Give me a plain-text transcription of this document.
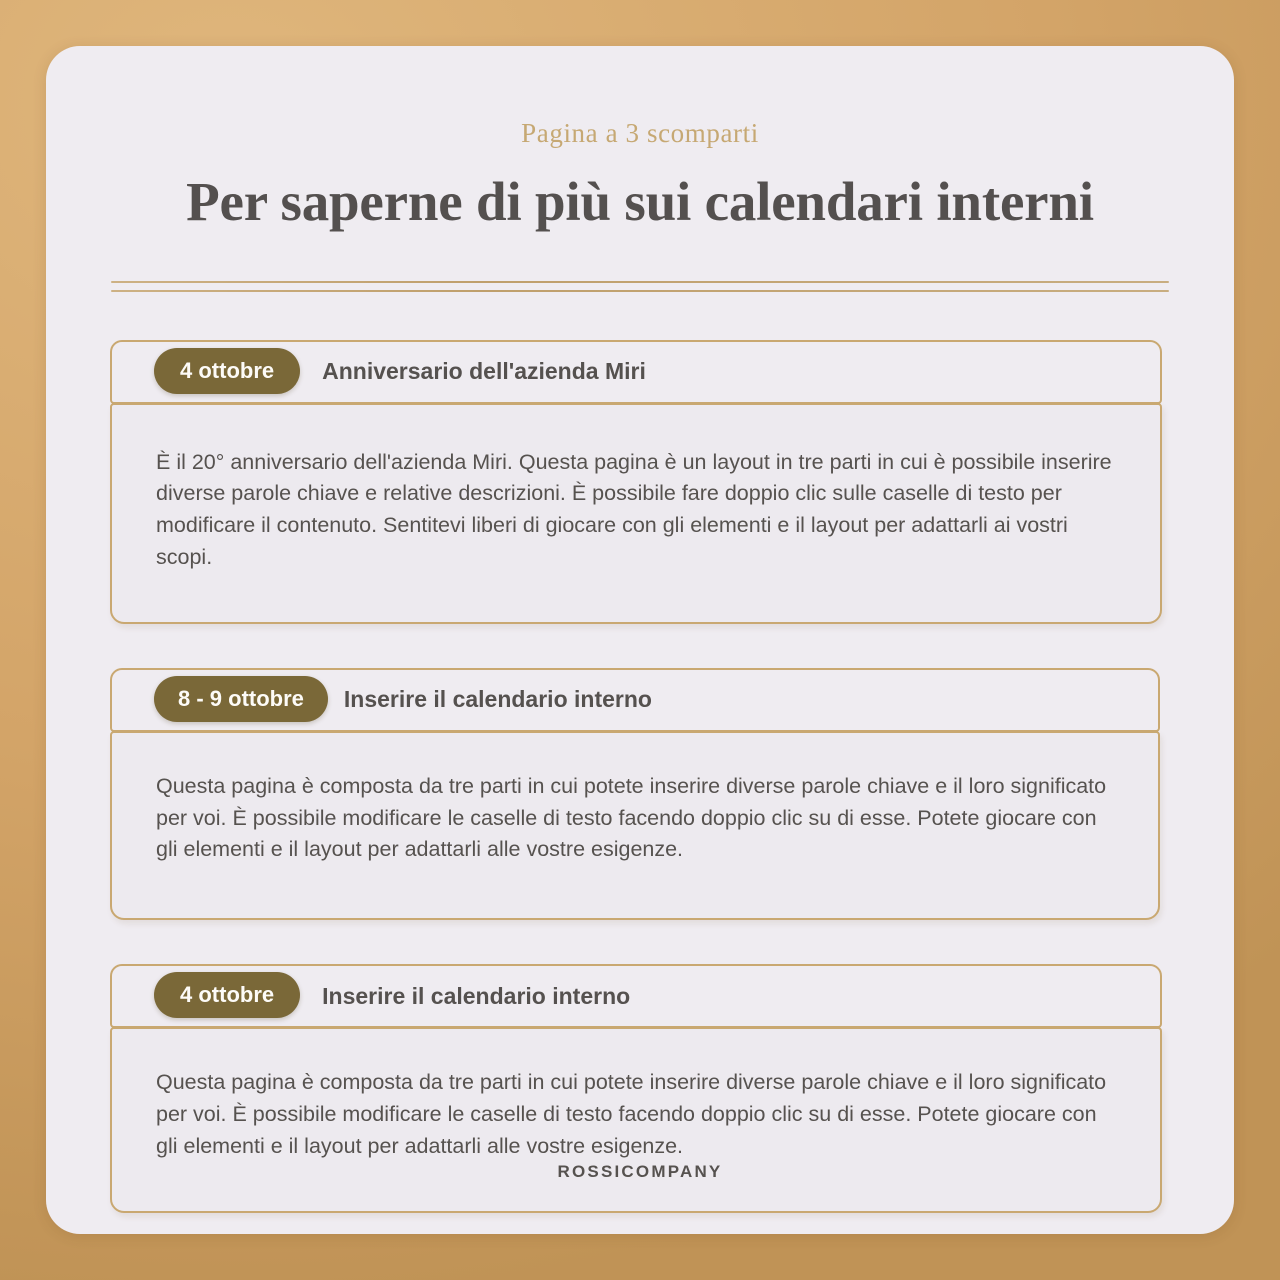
Pagina a 3 scomparti
Per saperne di più sui calendari interni
4 ottobre	Anniversario dell'azienda Miri

È il 20° anniversario dell'azienda Miri. Questa pagina è un layout in tre parti in cui è possibile inserire diverse parole chiave e relative descrizioni. È possibile fare doppio clic sulle caselle di testo per modificare il contenuto. Sentitevi liberi di giocare con gli elementi e il layout per adattarli ai vostri scopi.

8 - 9 ottobre	Inserire il calendario interno

Questa pagina è composta da tre parti in cui potete inserire diverse parole chiave e il loro significato per voi. È possibile modificare le caselle di testo facendo doppio clic su di esse. Potete giocare con gli elementi e il layout per adattarli alle vostre esigenze.

4 ottobre	Inserire il calendario interno

Questa pagina è composta da tre parti in cui potete inserire diverse parole chiave e il loro significato per voi. È possibile modificare le caselle di testo facendo doppio clic su di esse. Potete giocare con gli elementi e il layout per adattarli alle vostre esigenze.

ROSSICOMPANY
